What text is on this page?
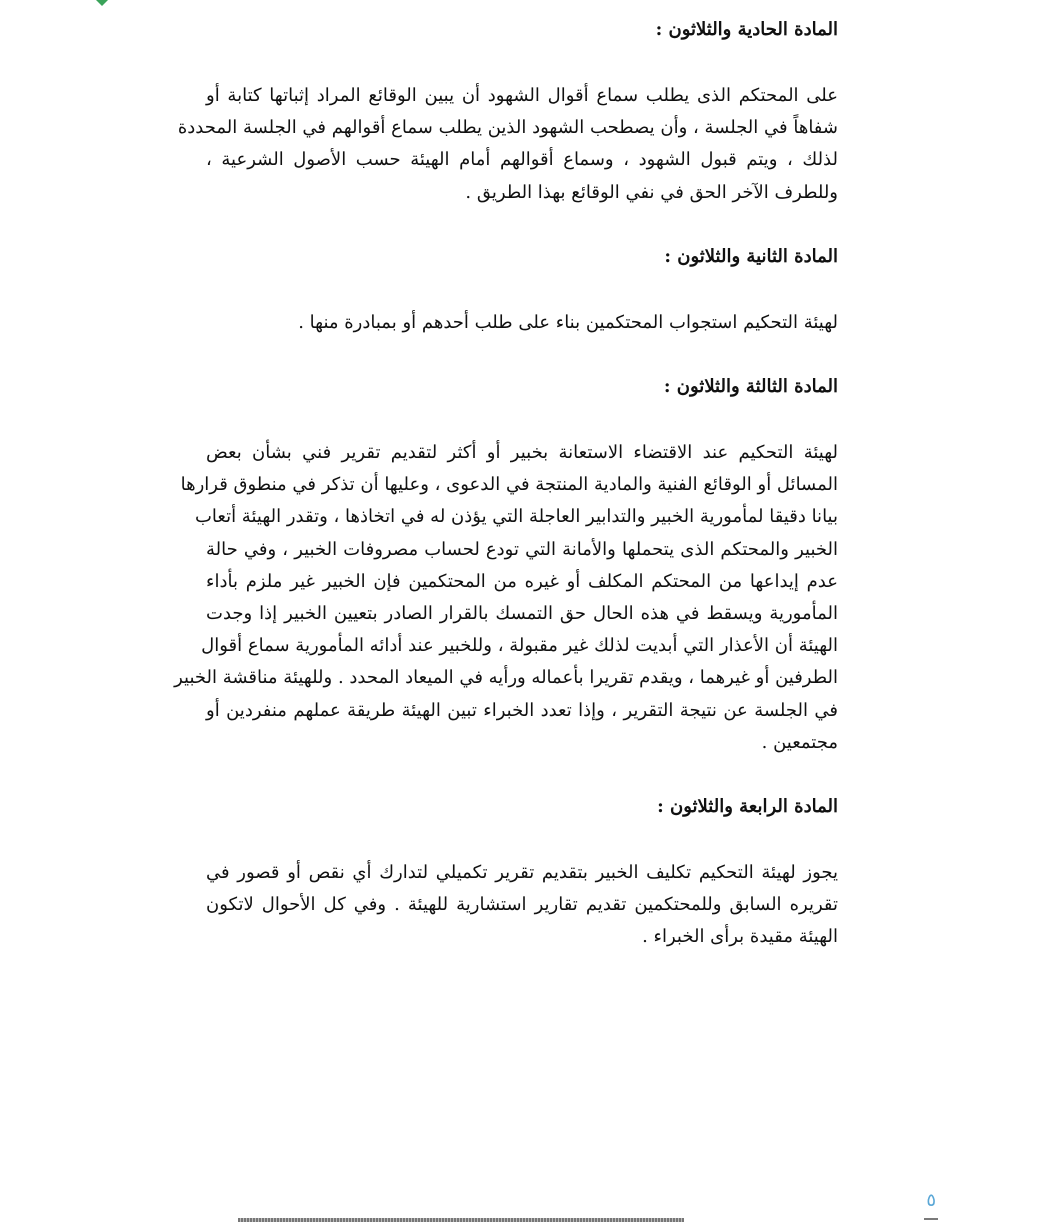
المادة الحادية والثلاثون :

على المحتكم الذى يطلب سماع أقوال الشهود أن يبين الوقائع المراد إثباتها كتابة أو
شفاهاً في الجلسة ، وأن يصطحب الشهود الذين يطلب سماع أقوالهم في الجلسة المحددة
لذلك ، ويتم قبول الشهود ، وسماع أقوالهم أمام الهيئة حسب الأصول الشرعية ،
وللطرف الآخر الحق في نفي الوقائع بهذا الطريق .

المادة الثانية والثلاثون :

لهيئة التحكيم استجواب المحتكمين بناء على طلب أحدهم أو بمبادرة منها .

المادة الثالثة والثلاثون :

لهيئة التحكيم عند الاقتضاء الاستعانة بخبير أو أكثر لتقديم تقرير فني بشأن بعض
المسائل أو الوقائع الفنية والمادية المنتجة في الدعوى ، وعليها أن تذكر في منطوق قرارها
بيانا دقيقا لمأمورية الخبير والتدابير العاجلة التي يؤذن له في اتخاذها ، وتقدر الهيئة أتعاب
الخبير والمحتكم الذى يتحملها والأمانة التي تودع لحساب مصروفات الخبير ، وفي حالة
عدم إيداعها من المحتكم المكلف أو غيره من المحتكمين فإن الخبير غير ملزم بأداء
المأمورية ويسقط في هذه الحال حق التمسك بالقرار الصادر بتعيين الخبير إذا وجدت
الهيئة أن الأعذار التي أبديت لذلك غير مقبولة ، وللخبير عند أدائه المأمورية سماع أقوال
الطرفين أو غيرهما ، ويقدم تقريرا بأعماله ورأيه في الميعاد المحدد . وللهيئة مناقشة الخبير
في الجلسة عن نتيجة التقرير ، وإذا تعدد الخبراء تبين الهيئة طريقة عملهم منفردين أو
مجتمعين .

المادة الرابعة والثلاثون :

يجوز لهيئة التحكيم تكليف الخبير بتقديم تقرير تكميلي لتدارك أي نقص أو قصور في
تقريره السابق وللمحتكمين تقديم تقارير استشارية للهيئة . وفي كل الأحوال لاتكون
الهيئة مقيدة برأى الخبراء .

٥
